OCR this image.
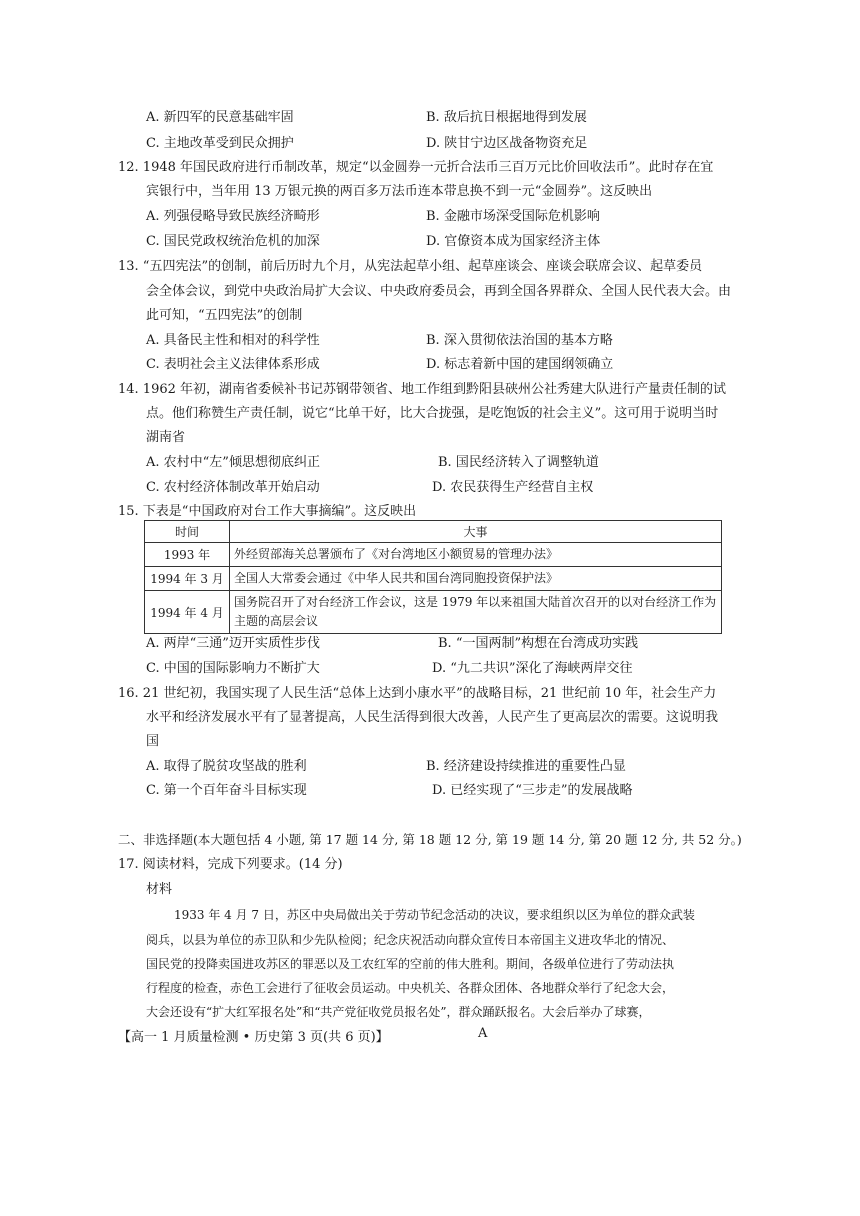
A. 新四军的民意基础牢固	B. 敌后抗日根据地得到发展
C. 主地改革受到民众拥护	D. 陕甘宁边区战备物资充足
12. 1948 年国民政府进行币制改革，规定“以金圆券一元折合法币三百万元比价回收法币”。此时存在宜
宾银行中，当年用 13 万银元换的两百多万法币连本带息换不到一元“金圆券”。这反映出
A. 列强侵略导致民族经济畸形	B. 金融市场深受国际危机影响
C. 国民党政权统治危机的加深	D. 官僚资本成为国家经济主体
13. “五四宪法”的创制，前后历时九个月，从宪法起草小组、起草座谈会、座谈会联席会议、起草委员
会全体会议，到党中央政治局扩大会议、中央政府委员会，再到全国各界群众、全国人民代表大会。由
此可知，“五四宪法”的创制
A. 具备民主性和相对的科学性	B. 深入贯彻依法治国的基本方略
C. 表明社会主义法律体系形成	D. 标志着新中国的建国纲领确立
14. 1962 年初，湖南省委候补书记苏钢带领省、地工作组到黔阳县硖州公社秀建大队进行产量责任制的试
点。他们称赞生产责任制，说它“比单干好，比大合拢强，是吃饱饭的社会主义”。这可用于说明当时
湖南省
A. 农村中“左”倾思想彻底纠正	B. 国民经济转入了调整轨道
C. 农村经济体制改革开始启动	D. 农民获得生产经营自主权
15. 下表是“中国政府对台工作大事摘编”。这反映出
时间	大事
1993 年	外经贸部海关总署颁布了《对台湾地区小额贸易的管理办法》
1994 年 3 月	全国人大常委会通过《中华人民共和国台湾同胞投资保护法》
1994 年 4 月	国务院召开了对台经济工作会议，这是 1979 年以来祖国大陆首次召开的以对台经济工作为主题的高层会议
A. 两岸“三通”迈开实质性步伐	B. “一国两制”构想在台湾成功实践
C. 中国的国际影响力不断扩大	D. “九二共识”深化了海峡两岸交往
16. 21 世纪初，我国实现了人民生活“总体上达到小康水平”的战略目标，21 世纪前 10 年，社会生产力
水平和经济发展水平有了显著提高，人民生活得到很大改善，人民产生了更高层次的需要。这说明我
国
A. 取得了脱贫攻坚战的胜利	B. 经济建设持续推进的重要性凸显
C. 第一个百年奋斗目标实现	D. 已经实现了“三步走”的发展战略
二、非选择题(本大题包括 4 小题, 第 17 题 14 分, 第 18 题 12 分, 第 19 题 14 分, 第 20 题 12 分, 共 52 分。)
17. 阅读材料，完成下列要求。(14 分)
材料
1933 年 4 月 7 日，苏区中央局做出关于劳动节纪念活动的决议，要求组织以区为单位的群众武装
阅兵，以县为单位的赤卫队和少先队检阅；纪念庆祝活动向群众宣传日本帝国主义进攻华北的情况、
国民党的投降卖国进攻苏区的罪恶以及工农红军的空前的伟大胜利。期间，各级单位进行了劳动法执
行程度的检查，赤色工会进行了征收会员运动。中央机关、各群众团体、各地群众举行了纪念大会，
大会还设有“扩大红军报名处”和“共产党征收党员报名处”，群众踊跃报名。大会后举办了球赛，
【高一 1 月质量检测 • 历史第 3 页(共 6 页)】	A
